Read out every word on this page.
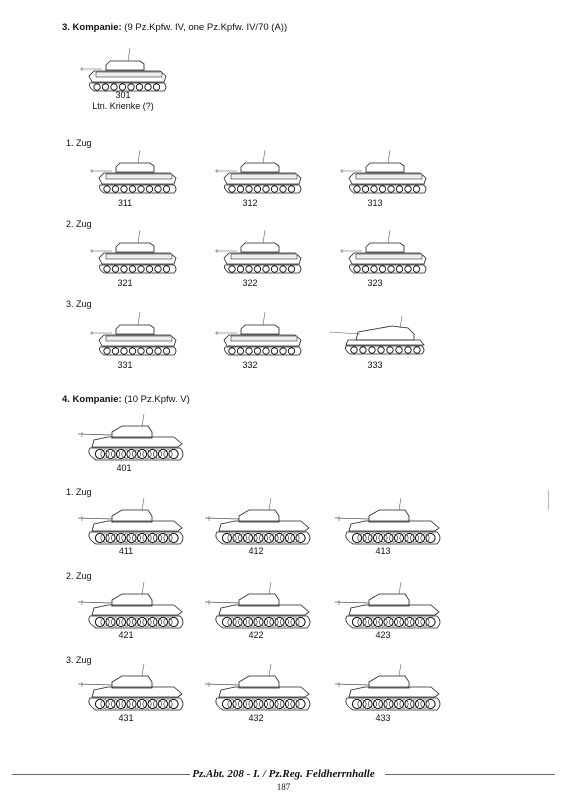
3. Kompanie: (9 Pz.Kpfw. IV, one Pz.Kpfw. IV/70 (A))
301
Ltn. Krienke (?)
1. Zug
311	312	313
2. Zug
321	322	323
3. Zug
331	332	333
4. Kompanie: (10 Pz.Kpfw. V)
401
1. Zug
411	412	413
2. Zug
421	422	423
3. Zug
431	432	433
Pz.Abt. 208 - I. / Pz.Reg. Feldherrnhalle
187
